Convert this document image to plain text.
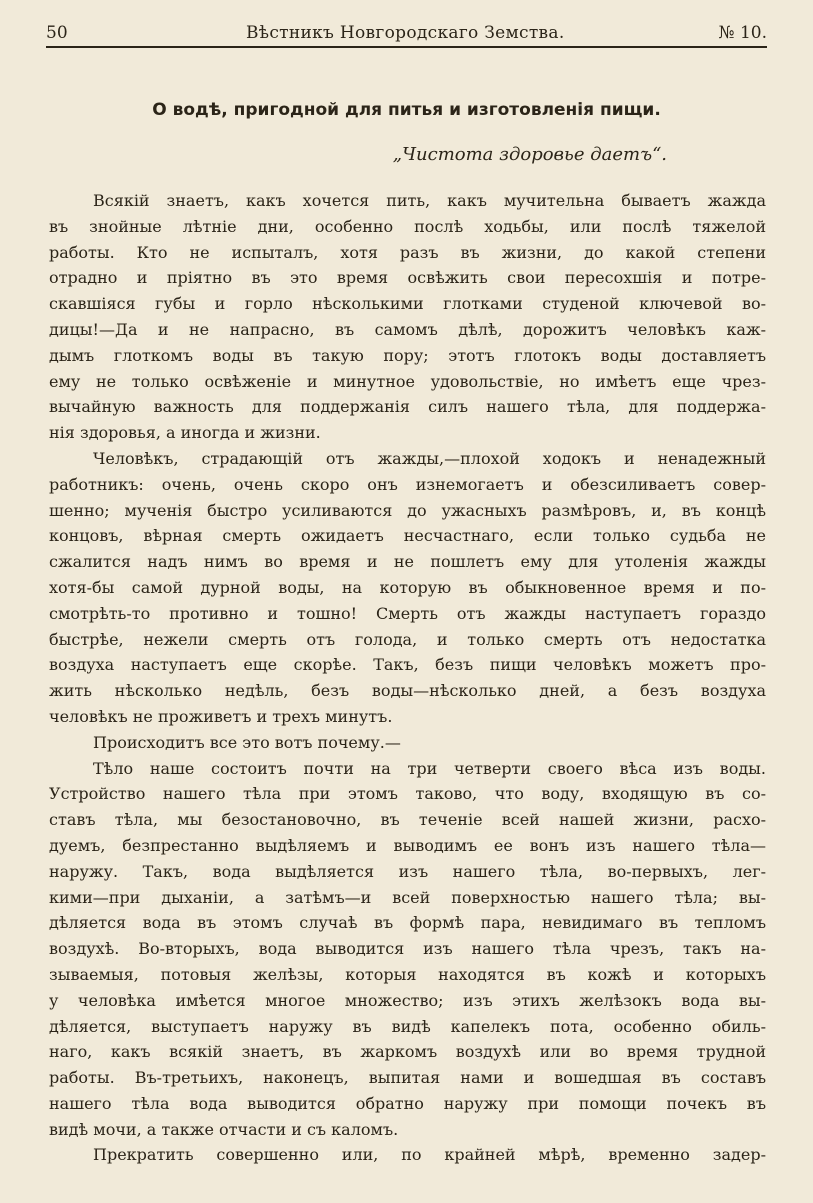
50	Вѣстникъ Новгородскаго Земства.	№ 10.
О водѣ, пригодной для питья и изготовленія пищи.
„Чистота здоровье даетъ“.
Всякій знаетъ, какъ хочется пить, какъ мучительна бываетъ жажда
въ знойные лѣтніе дни, особенно послѣ ходьбы, или послѣ тяжелой
работы. Кто не испыталъ, хотя разъ въ жизни, до какой степени
отрадно и пріятно въ это время освѣжить свои пересохшія и потре-
скавшіяся губы и горло нѣсколькими глотками студеной ключевой во-
дицы!—Да и не напрасно, въ самомъ дѣлѣ, дорожитъ человѣкъ каж-
дымъ глоткомъ воды въ такую пору; этотъ глотокъ воды доставляетъ
ему не только освѣженіе и минутное удовольствіе, но имѣетъ еще чрез-
вычайную важность для поддержанія силъ нашего тѣла, для поддержа-
нія здоровья, а иногда и жизни.
Человѣкъ, страдающій отъ жажды,—плохой ходокъ и ненадежный
работникъ: очень, очень скоро онъ изнемогаетъ и обезсиливаетъ совер-
шенно; мученія быстро усиливаются до ужасныхъ размѣровъ, и, въ концѣ
концовъ, вѣрная смерть ожидаетъ несчастнаго, если только судьба не
сжалится надъ нимъ во время и не пошлетъ ему для утоленія жажды
хотя-бы самой дурной воды, на которую въ обыкновенное время и по-
смотрѣть-то противно и тошно! Смерть отъ жажды наступаетъ гораздо
быстрѣе, нежели смерть отъ голода, и только смерть отъ недостатка
воздуха наступаетъ еще скорѣе. Такъ, безъ пищи человѣкъ можетъ про-
жить нѣсколько недѣль, безъ воды—нѣсколько дней, а безъ воздуха
человѣкъ не проживетъ и трехъ минутъ.
Происходитъ все это вотъ почему.—
Тѣло наше состоитъ почти на три четверти своего вѣса изъ воды.
Устройство нашего тѣла при этомъ таково, что воду, входящую въ со-
ставъ тѣла, мы безостановочно, въ теченіе всей нашей жизни, расхо-
дуемъ, безпрестанно выдѣляемъ и выводимъ ее вонъ изъ нашего тѣла—
наружу. Такъ, вода выдѣляется изъ нашего тѣла, во-первыхъ, лег-
кими—при дыханіи, а затѣмъ—и всей поверхностью нашего тѣла; вы-
дѣляется вода въ этомъ случаѣ въ формѣ пара, невидимаго въ тепломъ
воздухѣ. Во-вторыхъ, вода выводится изъ нашего тѣла чрезъ, такъ на-
зываемыя, потовыя желѣзы, которыя находятся въ кожѣ и которыхъ
у человѣка имѣется многое множество; изъ этихъ желѣзокъ вода вы-
дѣляется, выступаетъ наружу въ видѣ капелекъ пота, особенно обиль-
наго, какъ всякій знаетъ, въ жаркомъ воздухѣ или во время трудной
работы. Въ-третьихъ, наконецъ, выпитая нами и вошедшая въ составъ
нашего тѣла вода выводится обратно наружу при помощи почекъ въ
видѣ мочи, а также отчасти и съ каломъ.
Прекратить совершенно или, по крайней мѣрѣ, временно задер-
